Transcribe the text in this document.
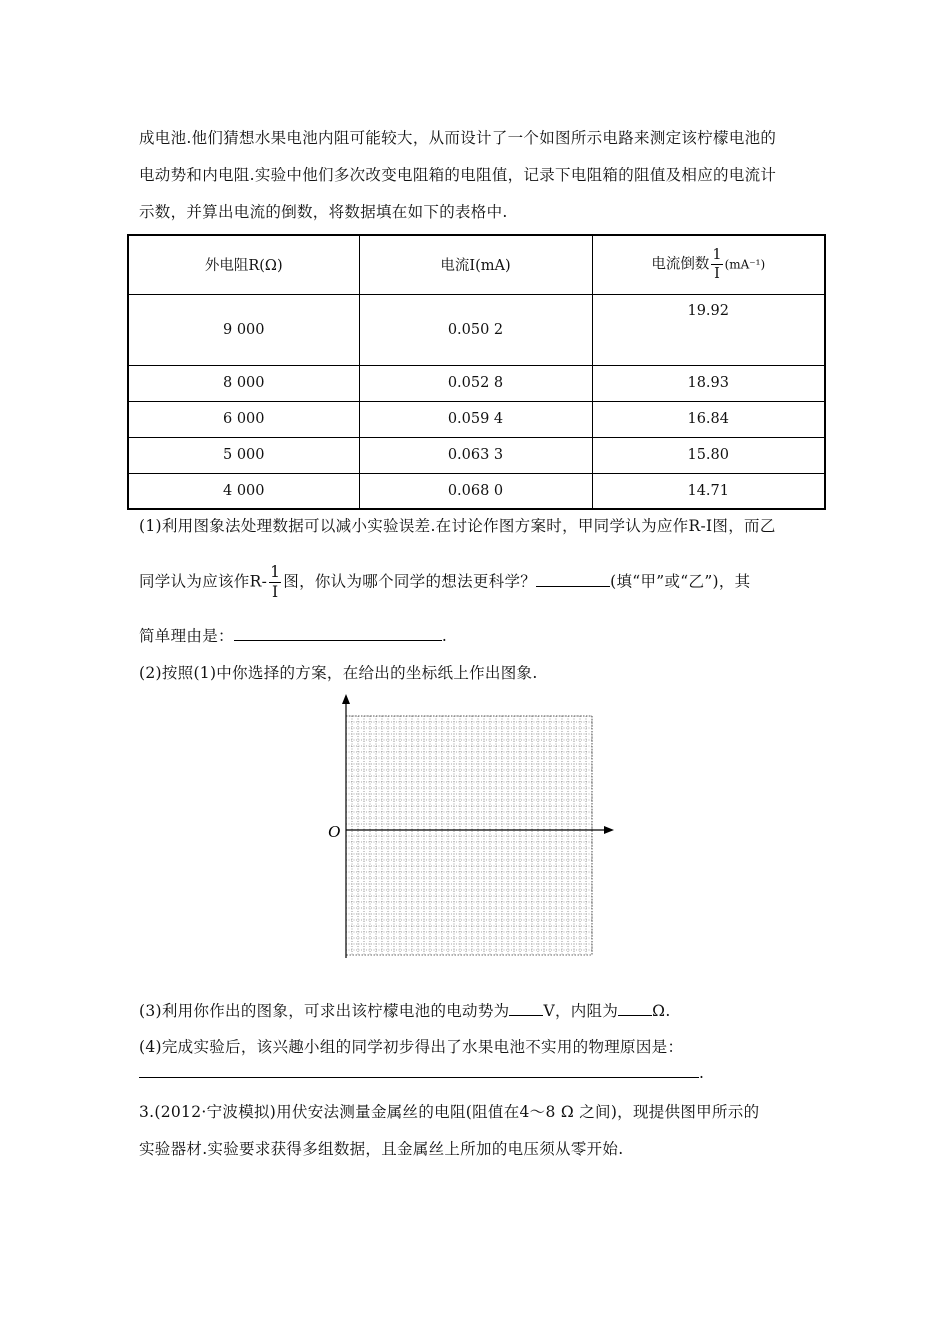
成电池.他们猜想水果电池内阻可能较大，从而设计了一个如图所示电路来测定该柠檬电池的
电动势和内电阻.实验中他们多次改变电阻箱的电阻值，记录下电阻箱的阻值及相应的电流计
示数，并算出电流的倒数，将数据填在如下的表格中.
外电阻R(Ω)	电流I(mA)	电流倒数 $\frac{1}{I} (mA^{-1})$
9 000	0.050 2	19.92
8 000	0.052 8	18.93
6 000	0.059 4	16.84
5 000	0.063 3	15.80
4 000	0.068 0	14.71
(1)利用图象法处理数据可以减小实验误差.在讨论作图方案时，甲同学认为应作R-I图，而乙
同学认为应该作$R- \frac{1}{I}$ 图，你认为哪个同学的想法更科学？	(填“甲”或“乙”)，其
简单理由是：	.
(2)按照(1)中你选择的方案，在给出的坐标纸上作出图象.
O
(3)利用你作出的图象，可求出该柠檬电池的电动势为 V，内阻为 Ω.
(4)完成实验后，该兴趣小组的同学初步得出了水果电池不实用的物理原因是：
.
3.(2012·宁波模拟)用伏安法测量金属丝的电阻(阻值在4～8 Ω 之间)，现提供图甲所示的
实验器材.实验要求获得多组数据，且金属丝上所加的电压须从零开始.
